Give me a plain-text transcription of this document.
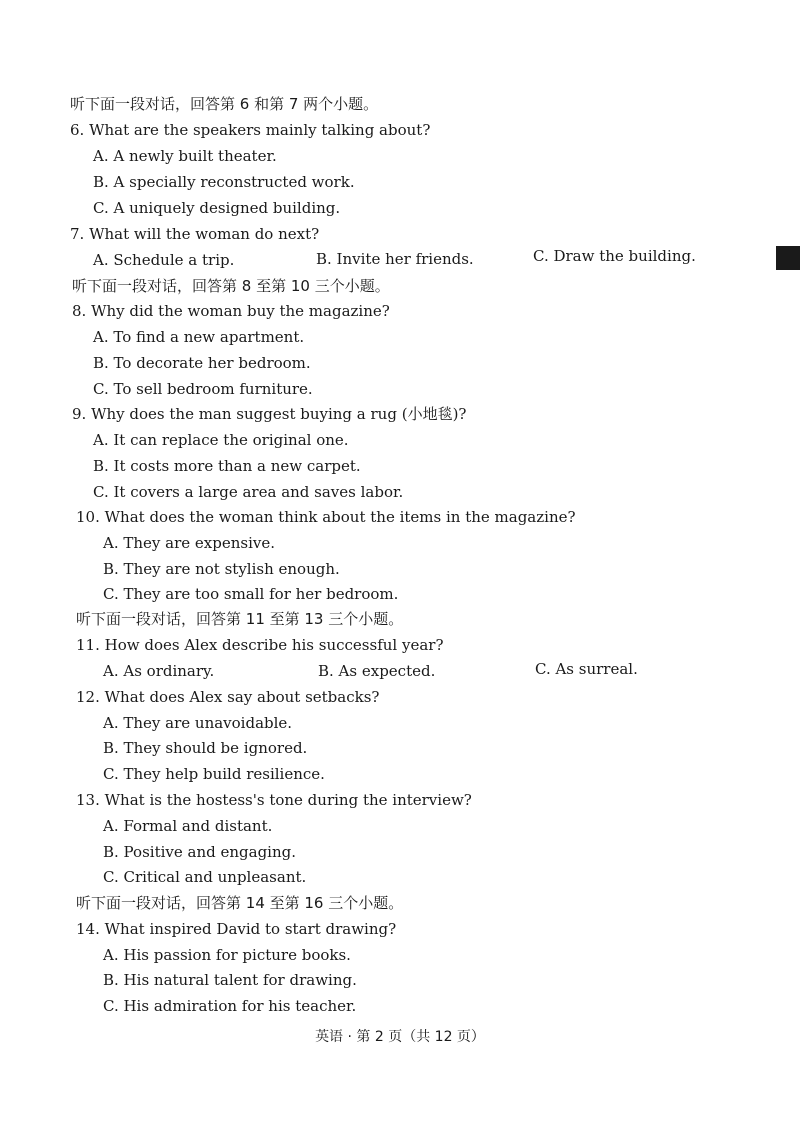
听下面一段对话，回答第 6 和第 7 两个小题。
6. What are the speakers mainly talking about?
A. A newly built theater.
B. A specially reconstructed work.
C. A uniquely designed building.
7. What will the woman do next?
A. Schedule a trip.	B. Invite her friends.	C. Draw the building.
听下面一段对话，回答第 8 至第 10 三个小题。
8. Why did the woman buy the magazine?
A. To find a new apartment.
B. To decorate her bedroom.
C. To sell bedroom furniture.
9. Why does the man suggest buying a rug (小地毯)?
A. It can replace the original one.
B. It costs more than a new carpet.
C. It covers a large area and saves labor.
10. What does the woman think about the items in the magazine?
A. They are expensive.
B. They are not stylish enough.
C. They are too small for her bedroom.
听下面一段对话，回答第 11 至第 13 三个小题。
11. How does Alex describe his successful year?
A. As ordinary.	B. As expected.	C. As surreal.
12. What does Alex say about setbacks?
A. They are unavoidable.
B. They should be ignored.
C. They help build resilience.
13. What is the hostess's tone during the interview?
A. Formal and distant.
B. Positive and engaging.
C. Critical and unpleasant.
听下面一段对话，回答第 14 至第 16 三个小题。
14. What inspired David to start drawing?
A. His passion for picture books.
B. His natural talent for drawing.
C. His admiration for his teacher.
英语 · 第 2 页（共 12 页）
